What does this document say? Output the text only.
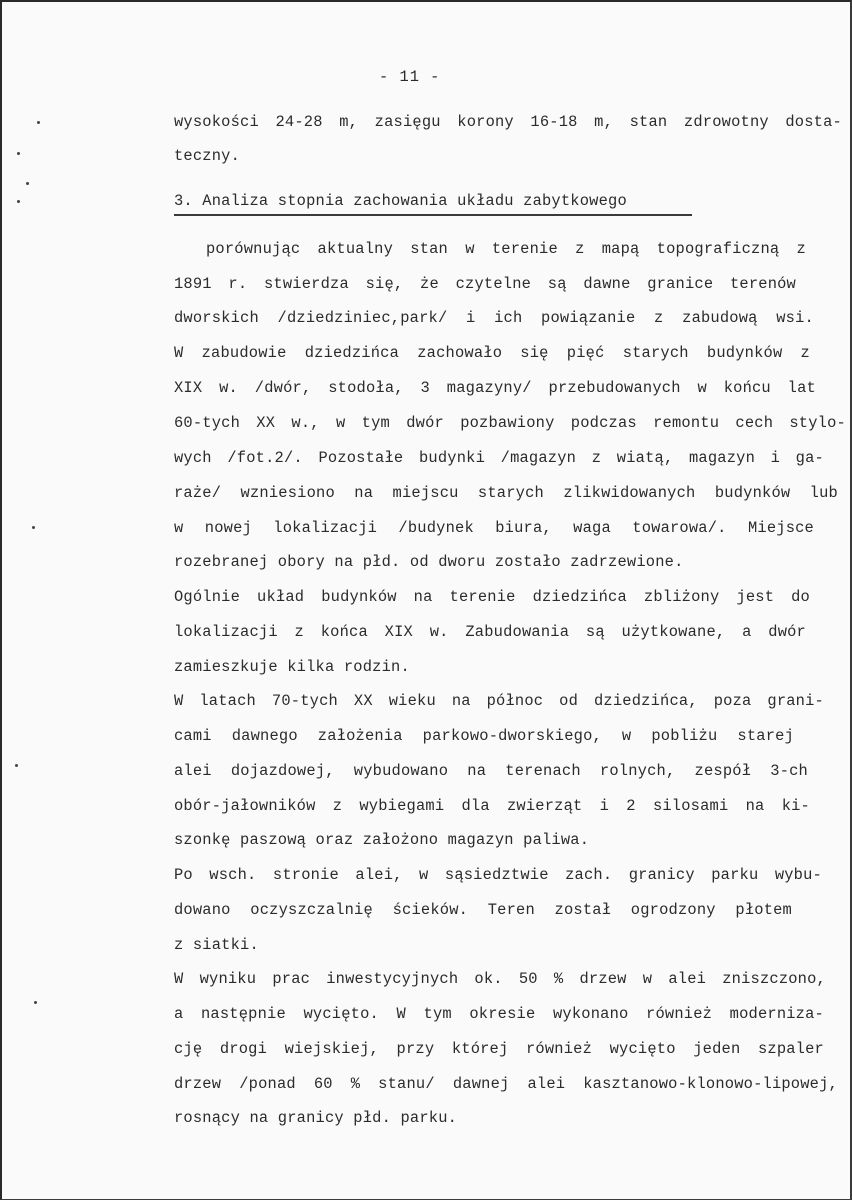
- 11 -
wysokości 24-28 m, zasięgu korony 16-18 m, stan zdrowotny dosta-
teczny.
3. Analiza stopnia zachowania układu zabytkowego
porównując aktualny stan w terenie z mapą topograficzną z
1891 r. stwierdza się, że czytelne są dawne granice terenów
dworskich /dziedziniec,park/ i ich powiązanie z zabudową wsi.
W zabudowie dziedzińca zachowało się pięć starych budynków z
XIX w. /dwór, stodoła, 3 magazyny/ przebudowanych w końcu lat
60-tych XX w., w tym dwór pozbawiony podczas remontu cech stylo-
wych /fot.2/. Pozostałe budynki /magazyn z wiatą, magazyn i ga-
raże/ wzniesiono na miejscu starych zlikwidowanych budynków lub
w nowej lokalizacji /budynek biura, waga towarowa/. Miejsce
rozebranej obory na płd. od dworu zostało zadrzewione.
Ogólnie układ budynków na terenie dziedzińca zbliżony jest do
lokalizacji z końca XIX w. Zabudowania są użytkowane, a dwór
zamieszkuje kilka rodzin.
W latach 70-tych XX wieku na północ od dziedzińca, poza grani-
cami dawnego założenia parkowo-dworskiego, w pobliżu starej
alei dojazdowej, wybudowano na terenach rolnych, zespół 3-ch
obór-jałowników z wybiegami dla zwierząt i 2 silosami na ki-
szonkę paszową oraz założono magazyn paliwa.
Po wsch. stronie alei, w sąsiedztwie zach. granicy parku wybu-
dowano oczyszczalnię ścieków. Teren został ogrodzony płotem
z siatki.
W wyniku prac inwestycyjnych ok. 50 % drzew w alei zniszczono,
a następnie wycięto. W tym okresie wykonano również moderniza-
cję drogi wiejskiej, przy której również wycięto jeden szpaler
drzew /ponad 60 % stanu/ dawnej alei kasztanowo-klonowo-lipowej,
rosnący na granicy płd. parku.
